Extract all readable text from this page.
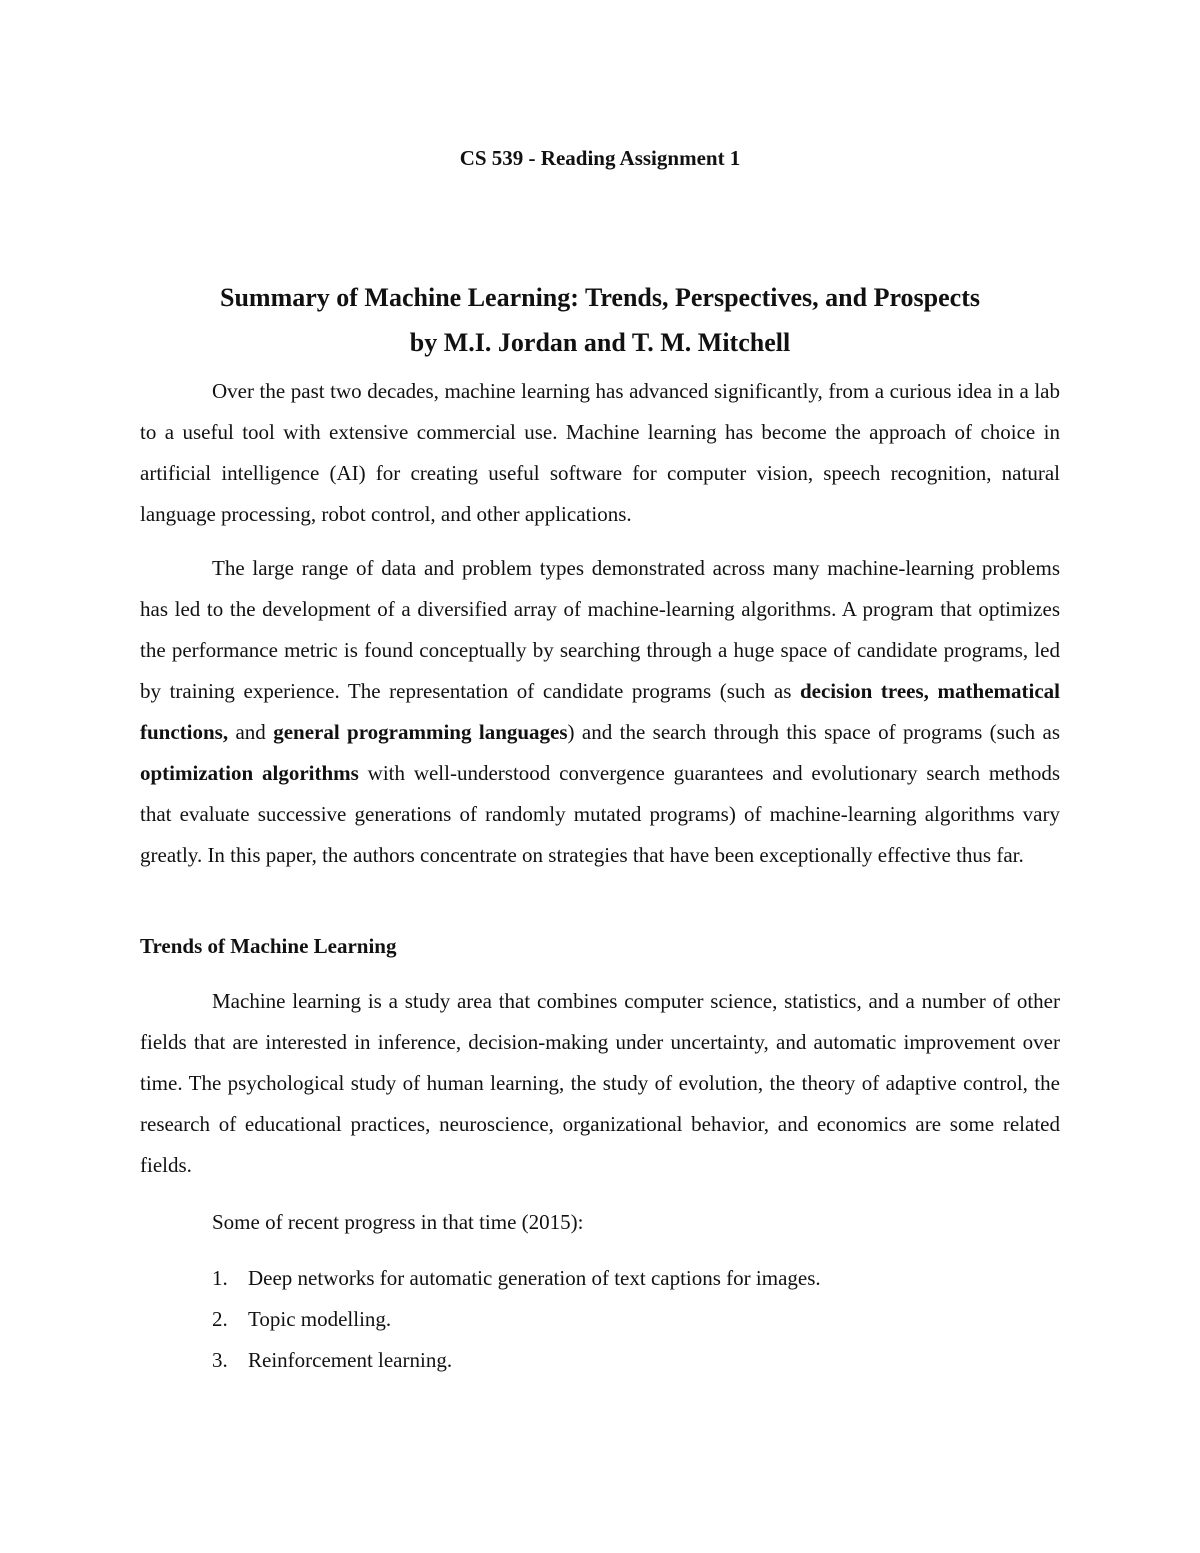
CS 539 - Reading Assignment 1
Summary of Machine Learning: Trends, Perspectives, and Prospects
by M.I. Jordan and T. M. Mitchell

Over the past two decades, machine learning has advanced significantly, from a curious idea in a lab to a useful tool with extensive commercial use. Machine learning has become the approach of choice in artificial intelligence (AI) for creating useful software for computer vision, speech recognition, natural language processing, robot control, and other applications.

The large range of data and problem types demonstrated across many machine-learning problems has led to the development of a diversified array of machine-learning algorithms. A program that optimizes the performance metric is found conceptually by searching through a huge space of candidate programs, led by training experience. The representation of candidate programs (such as decision trees, mathematical functions, and general programming languages) and the search through this space of programs (such as optimization algorithms with well-understood convergence guarantees and evolutionary search methods that evaluate successive generations of randomly mutated programs) of machine-learning algorithms vary greatly. In this paper, the authors concentrate on strategies that have been exceptionally effective thus far.

Trends of Machine Learning

Machine learning is a study area that combines computer science, statistics, and a number of other fields that are interested in inference, decision-making under uncertainty, and automatic improvement over time. The psychological study of human learning, the study of evolution, the theory of adaptive control, the research of educational practices, neuroscience, organizational behavior, and economics are some related fields.

Some of recent progress in that time (2015):

1. Deep networks for automatic generation of text captions for images.
2. Topic modelling.
3. Reinforcement learning.
